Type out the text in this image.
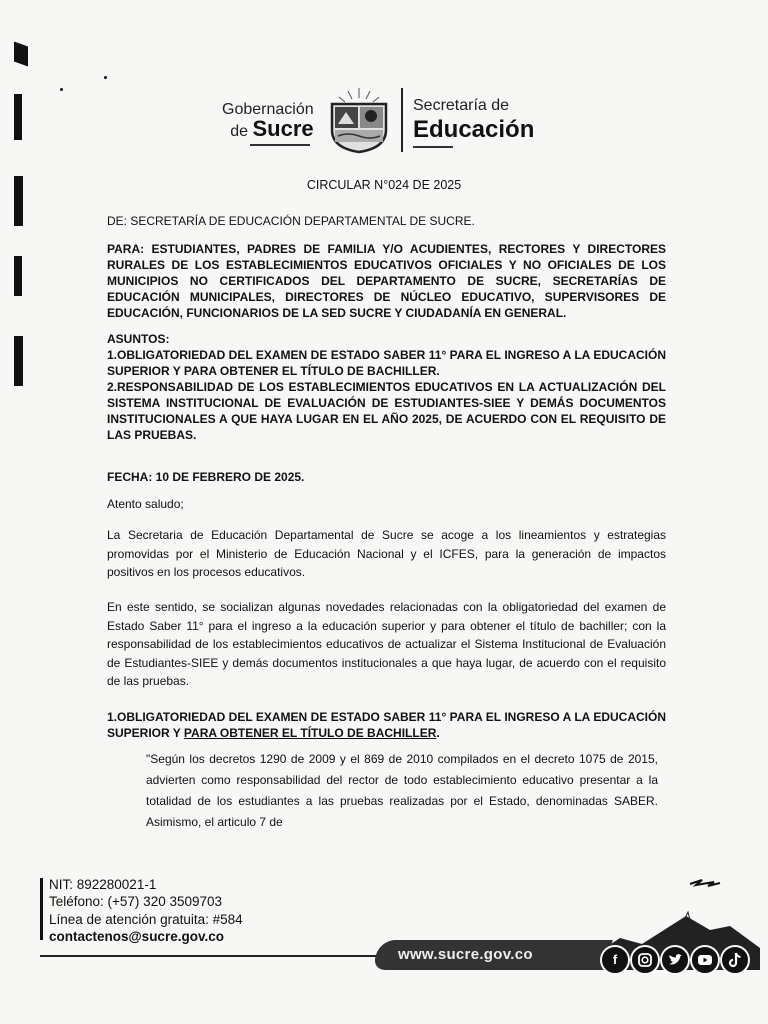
Gobernación
de Sucre
Secretaría de
Educación
CIRCULAR N°024 DE 2025
DE: SECRETARÍA DE EDUCACIÓN DEPARTAMENTAL DE SUCRE.
PARA: ESTUDIANTES, PADRES DE FAMILIA Y/O ACUDIENTES, RECTORES Y DIRECTORES RURALES DE LOS ESTABLECIMIENTOS EDUCATIVOS OFICIALES Y NO OFICIALES DE LOS MUNICIPIOS NO CERTIFICADOS DEL DEPARTAMENTO DE SUCRE, SECRETARÍAS DE EDUCACIÓN MUNICIPALES, DIRECTORES DE NÚCLEO EDUCATIVO, SUPERVISORES DE EDUCACIÓN, FUNCIONARIOS DE LA SED SUCRE Y CIUDADANÍA EN GENERAL.
ASUNTOS:
1.OBLIGATORIEDAD DEL EXAMEN DE ESTADO SABER 11° PARA EL INGRESO A LA EDUCACIÓN SUPERIOR Y PARA OBTENER EL TÍTULO DE BACHILLER.
2.RESPONSABILIDAD DE LOS ESTABLECIMIENTOS EDUCATIVOS EN LA ACTUALIZACIÓN DEL SISTEMA INSTITUCIONAL DE EVALUACIÓN DE ESTUDIANTES-SIEE Y DEMÁS DOCUMENTOS INSTITUCIONALES A QUE HAYA LUGAR EN EL AÑO 2025, DE ACUERDO CON EL REQUISITO DE LAS PRUEBAS.
FECHA: 10 DE FEBRERO DE 2025.
Atento saludo;
La Secretaria de Educación Departamental de Sucre se acoge a los lineamientos y estrategias promovidas por el Ministerio de Educación Nacional y el ICFES, para la generación de impactos positivos en los procesos educativos.
En este sentido, se socializan algunas novedades relacionadas con la obligatoriedad del examen de Estado Saber 11° para el ingreso a la educación superior y para obtener el título de bachiller; con la responsabilidad de los establecimientos educativos de actualizar el Sistema Institucional de Evaluación de Estudiantes-SIEE y demás documentos institucionales a que haya lugar, de acuerdo con el requisito de las pruebas.
1.OBLIGATORIEDAD DEL EXAMEN DE ESTADO SABER 11° PARA EL INGRESO A LA EDUCACIÓN SUPERIOR Y PARA OBTENER EL TÍTULO DE BACHILLER.
"Según los decretos 1290 de 2009 y el 869 de 2010 compilados en el decreto 1075 de 2015, advierten como responsabilidad del rector de todo establecimiento educativo presentar a la totalidad de los estudiantes a las pruebas realizadas por el Estado, denominadas SABER. Asimismo, el articulo 7 de
NIT: 892280021-1
Teléfono: (+57) 320 3509703
Línea de atención gratuita: #584
contactenos@sucre.gov.co
www.sucre.gov.co	f
